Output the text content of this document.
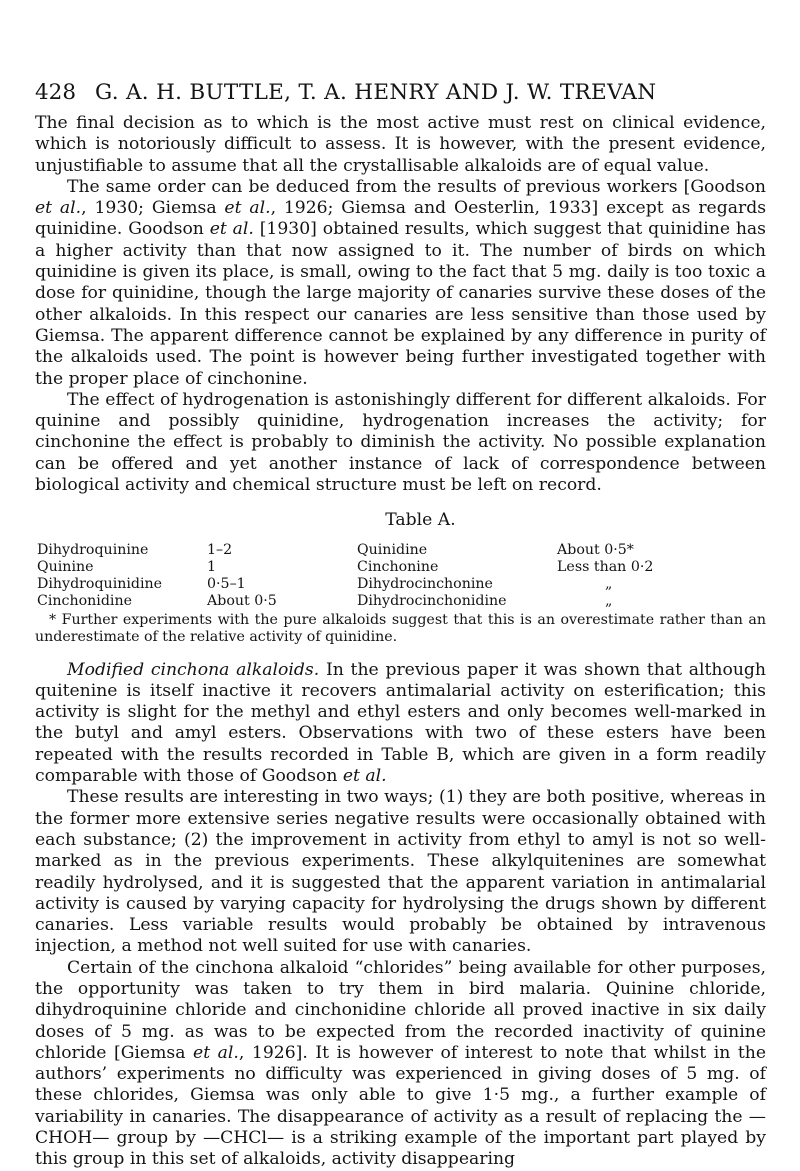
428 G. A. H. BUTTLE, T. A. HENRY AND J. W. TREVAN

The final decision as to which is the most active must rest on clinical evidence, which is notoriously difficult to assess. It is however, with the present evidence, unjustifiable to assume that all the crystallisable alkaloids are of equal value.

The same order can be deduced from the results of previous workers [Goodson et al., 1930; Giemsa et al., 1926; Giemsa and Oesterlin, 1933] except as regards quinidine. Goodson et al. [1930] obtained results, which suggest that quinidine has a higher activity than that now assigned to it. The number of birds on which quinidine is given its place, is small, owing to the fact that 5 mg. daily is too toxic a dose for quinidine, though the large majority of canaries survive these doses of the other alkaloids. In this respect our canaries are less sensitive than those used by Giemsa. The apparent difference cannot be explained by any difference in purity of the alkaloids used. The point is however being further investigated together with the proper place of cinchonine.

The effect of hydrogenation is astonishingly different for different alkaloids. For quinine and possibly quinidine, hydrogenation increases the activity; for cinchonine the effect is probably to diminish the activity. No possible explanation can be offered and yet another instance of lack of correspondence between biological activity and chemical structure must be left on record.

Table A.
Dihydroquinine	1–2	Quinidine	About 0·5*
Quinine	1	Cinchonine	Less than 0·2
Dihydroquinidine	0·5–1	Dihydrocinchonine	„
Cinchonidine	About 0·5	Dihydrocinchonidine	„

* Further experiments with the pure alkaloids suggest that this is an overestimate rather than an underestimate of the relative activity of quinidine.

Modified cinchona alkaloids. In the previous paper it was shown that although quitenine is itself inactive it recovers antimalarial activity on esterification; this activity is slight for the methyl and ethyl esters and only becomes well-marked in the butyl and amyl esters. Observations with two of these esters have been repeated with the results recorded in Table B, which are given in a form readily comparable with those of Goodson et al.

These results are interesting in two ways; (1) they are both positive, whereas in the former more extensive series negative results were occasionally obtained with each substance; (2) the improvement in activity from ethyl to amyl is not so well-marked as in the previous experiments. These alkylquitenines are somewhat readily hydrolysed, and it is suggested that the apparent variation in antimalarial activity is caused by varying capacity for hydrolysing the drugs shown by different canaries. Less variable results would probably be obtained by intravenous injection, a method not well suited for use with canaries.

Certain of the cinchona alkaloid “chlorides” being available for other purposes, the opportunity was taken to try them in bird malaria. Quinine chloride, dihydroquinine chloride and cinchonidine chloride all proved inactive in six daily doses of 5 mg. as was to be expected from the recorded inactivity of quinine chloride [Giemsa et al., 1926]. It is however of interest to note that whilst in the authors’ experiments no difficulty was experienced in giving doses of 5 mg. of these chlorides, Giemsa was only able to give 1·5 mg., a further example of variability in canaries. The disappearance of activity as a result of replacing the —CHOH— group by —CHCl— is a striking example of the important part played by this group in this set of alkaloids, activity disappearing
